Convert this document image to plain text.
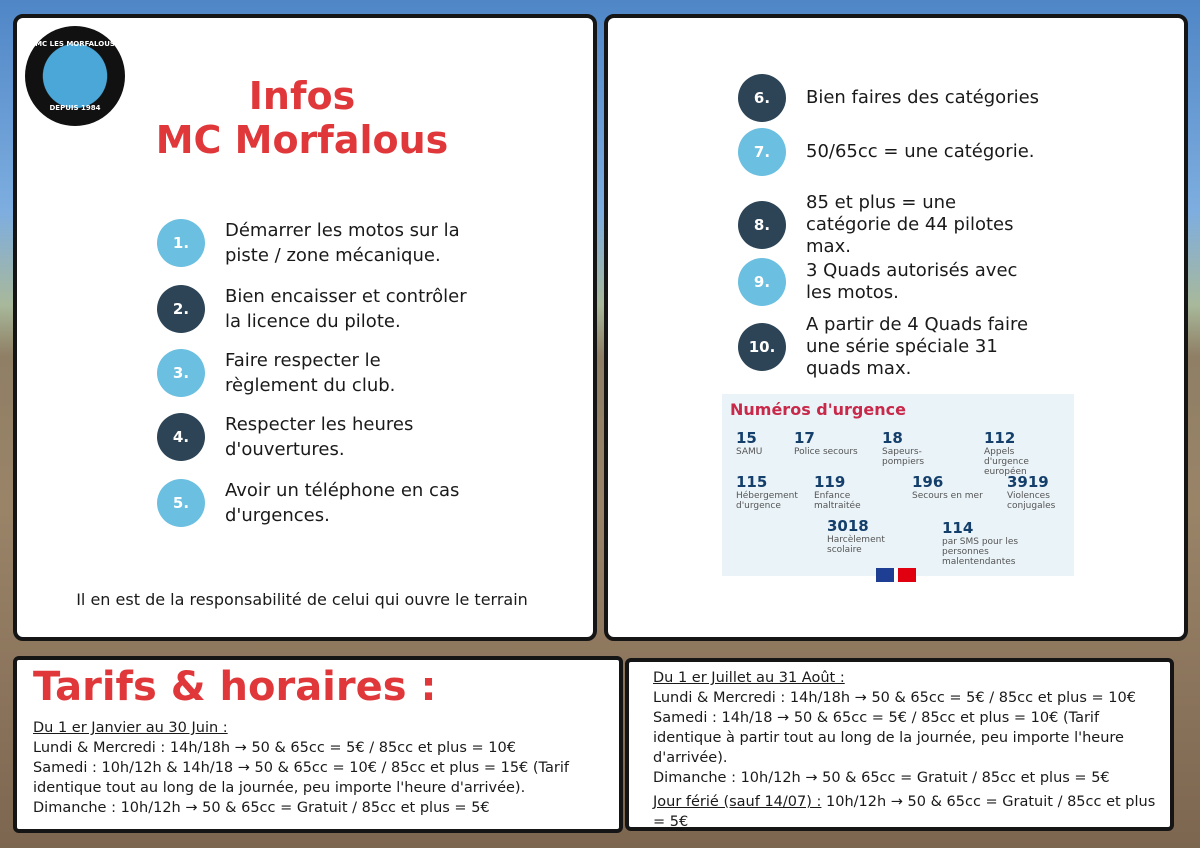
MC LES MORFALOUS
DEPUIS 1984	Infos
MC Morfalous
1.
Démarrer les motos sur la piste / zone mécanique.
2.
Bien encaisser et contrôler la licence du pilote.
3.
Faire respecter le règlement du club.
4.
Respecter les heures d'ouvertures.
5.
Avoir un téléphone en cas d'urgences.
Il en est de la responsabilité de celui qui ouvre le terrain
6.	Bien faires des catégories
7.	50/65cc = une catégorie.
8.
85 et plus = une catégorie de 44 pilotes max.
9.
3 Quads autorisés avec les motos.
10.
A partir de 4 Quads faire une série spéciale 31 quads max.
Numéros d'urgence
15
SAMU
17
Police secours
18
Sapeurs-pompiers
112
Appels d'urgence européen
115
Hébergement d'urgence
119
Enfance maltraitée
196
Secours en mer
3919
Violences conjugales
3018
Harcèlement scolaire
114
par SMS pour les personnes malentendantes
Tarifs & horaires :
Du 1 er Janvier au 30 Juin :
Lundi & Mercredi : 14h/18h → 50 & 65cc = 5€ / 85cc et plus = 10€
Samedi : 10h/12h & 14h/18 → 50 & 65cc = 10€ / 85cc et plus = 15€ (Tarif identique tout au long de la journée, peu importe l'heure d'arrivée).
Dimanche : 10h/12h → 50 & 65cc = Gratuit / 85cc et plus = 5€
Du 1 er Juillet au 31 Août :
Lundi & Mercredi : 14h/18h → 50 & 65cc = 5€ / 85cc et plus = 10€
Samedi : 14h/18 → 50 & 65cc = 5€ / 85cc et plus = 10€ (Tarif identique à partir tout au long de la journée, peu importe l'heure d'arrivée).
Dimanche : 10h/12h → 50 & 65cc = Gratuit / 85cc et plus = 5€
Jour férié (sauf 14/07) : 10h/12h → 50 & 65cc = Gratuit / 85cc et plus = 5€
